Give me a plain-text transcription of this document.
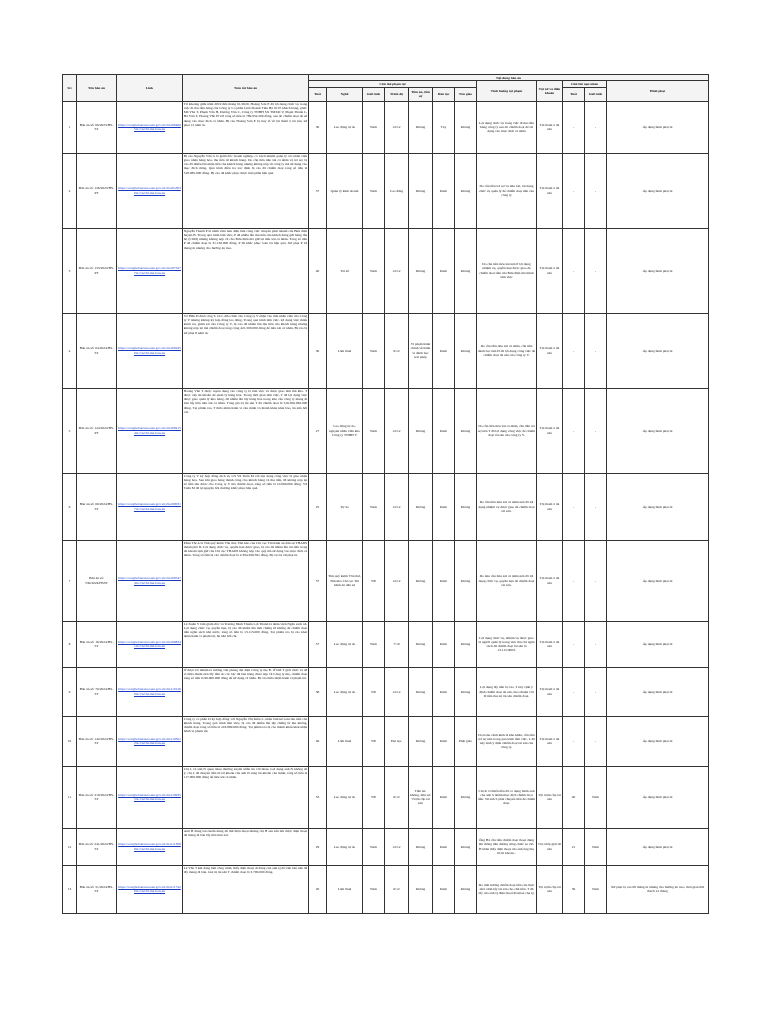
Stt	Tên bản án	Link	Tóm tắt bản án	Nội dung bản án											
				Chủ thể phạm tội							Tình huống tội phạm	Tội xử và điều khoản	Chủ thể nạn nhân		Hình phạt
				Tuổi	Nghề	Giới tính	Trình độ	Tiền án, tiền sự	Dân tộc	Tôn giáo			Tuổi	Giới tính	
1	Bản án số: 06/2023/HS-ST	https://congbobanan.toaan.gov.vn/2ta1064005t1cvn/chi-tiet-ban-an	Từ khoảng giữa năm 2019 đến tháng 01/2020, Hoàng Sơn E đã lợi dụng chức vụ trong việc đi thu tiền hàng của Công ty Cổ phần Liên Doanh Tiêu Hà từ 07 khách hàng, gồm: Mã Văn T, Phạm Văn H, Dương Văn C, Công ty TNHH SX TMXD V, Phạm Thành L, Hà Văn T, Hoàng Văn H với tổng số tiền là 789.952.200 đồng, sau đó chiếm đoạt để sử dụng vào mục đích cá nhân. Bị cáo Hoàng Sơn E bị truy tố về tội tham ô tài sản, xử phạt 15 năm tù.	30	Lao động tự do	Nam	12/12	Không	Tày	Không	Lợi dụng chức vụ trong việc đi thu tiền hàng công ty sau đó chiếm đoạt để sử dụng vào mục đích cá nhân	Tội tham ô tài sản	-	-	Áp dụng hình phạt tù
2	Bản án số: 126/2023/HS-PT	https://congbobanan.toaan.gov.vn/2ta10a3030t1cvn/chi-tiet-ban-an	Bị cáo Nguyễn Văn G là giám đốc doanh nghiệp, có trách nhiệm quản lý các nhân viên giao nhận hàng hóa, thu tiền từ khách hàng. Do cần tiền tiêu xài cá nhân và trả nợ, bị cáo đã nhiều lần nhận tiền của khách hàng nhưng không nộp về công ty mà sử dụng vào mục đích riêng. Quá trình điều tra xác định bị cáo đã chiếm đoạt tổng số tiền là 518.985.000 đồng. Bị cáo đã khắc phục được một phần hậu quả.	37	Quản lý kinh doanh	Nam	Cao đẳng	Không	Kinh	Không	Do cần tiền trả nợ và tiêu xài, lợi dụng chức vụ quản lý để chiếm đoạt tiền của công ty	Tội tham ô tài sản	-	-	Áp dụng hình phạt tù
3	Bản án số: 133/2024/HS-PT	https://congbobanan.toaan.gov.vn/2ta1073277t1cvn/chi-tiet-ban-an	Nguyễn Thanh P là nhân viên bưu điện làm công việc chuyển phát nhanh của Bưu điện huyện B. Trong quá trình làm việc, P đã nhiều lần thu tiền của khách hàng gửi hàng thu hộ (COD) nhưng không nộp về cho Bưu điện mà giữ lại tiêu xài cá nhân. Tổng số tiền P đã chiếm đoạt là 31.130.000 đồng. P đã khắc phục toàn bộ hậu quả. Xử phạt P 24 tháng tù nhưng cho hưởng án treo.	40	Tài xế	Nam	12/12	Không	Kinh	Không	Do cần tiền tiêu xài nên P lợi dụng nhiệm vụ, quyền hạn được giao để chiếm đoạt tiền của Bưu điện mà mình làm việc	Tội tham ô tài sản	-	-	Áp dụng hình phạt tù
4	Bản án số: 04/2024/HS-ST	https://congbobanan.toaan.gov.vn/2ta10b0450t1cvn/chi-tiet-ban-an	Võ Hữu Đ được ông T, bà L đứa chức cho Công ty V nhận vào làm nhân viên của Công ty V nhưng không ký hợp đồng lao động. Trong quá trình làm việc, lợi dụng việc thiếu kiểm tra, giám sát của Công ty V, bị cáo đã nhiều lần thu tiền của khách hàng nhưng không nộp lại mà chiếm đoạt tổng cộng 421.500.000 đồng để tiêu xài cá nhân. Bị cáo bị xử phạt 8 năm tù.	30	Làm thuê	Nam	9/12	Vi phạm hành chính về hành vi đánh bạc trái phép	Kinh	Không	Do cần tiền tiêu xài cá nhân, cần tiền đánh bạc nên Đ đã lợi dụng công việc để chiếm đoạt tài sản của công ty V.	Tội tham ô tài sản	-	-	Áp dụng hình phạt tù
5	Bản án số: 124/2024/HS-PT	https://congbobanan.toaan.gov.vn/2ta1082154t1cvn/chi-tiet-ban-an	Hoàng Văn T được tuyển dụng vào công ty là làm việc và được giao làm thủ kho. T được cấp tài khoản để quản lý hàng hóa. Trong thời gian làm việc, T đã lợi dụng việc được giao quản lý kho hàng, đã nhiều lần lấy hàng hóa trong kho của công ty mang đi bán lấy tiền tiêu xài cá nhân. Tổng giá trị tài sản T đã chiếm đoạt là 316.056.062.000 đồng. Tại phiên tòa, T thừa nhận hành vi của mình và thành khẩn khai báo, ăn năn hối cải.	27	Lao động tự do, nguyên nhân viên kho Công ty TNHH V	Nam	12/12	Không	Kinh	Không	Do cần tiền tiêu xài cá nhân, cần tiền trả nợ nên T đã lợi dụng công việc để chiếm đoạt tài sản của công ty V.	Tội tham ô tài sản	-	-	Áp dụng hình phạt tù
6	Bản án số: 60/2024/HS-ST	https://congbobanan.toaan.gov.vn/2ta1090317t1cvn/chi-tiet-ban-an	Công ty V ký hợp đồng dịch vụ với Vũ Tuấn M với nội dung công việc là giao nhận hàng hóa. Sau khi giao hàng thành công cho khách hàng và thu tiền, M không nộp lại số tiền thu được cho Công ty V mà chiếm đoạt, tổng số tiền là 10.060.000 đồng. Vũ Tuấn M đã tự nguyện bồi thường khắc phục hậu quả.	25	Tự do	Nam	12/12	Không	Kinh	Không	Do cần tiền tiêu xài cá nhân nên đã lợi dụng nhiệm vụ được giao để chiếm đoạt tài sản.	Tội tham ô tài sản	-	-	Áp dụng hình phạt tù
7	Bản án số: 530/2024/HSST	https://congbobanan.toaan.gov.vn/2ta1095474t1cvn/chi-tiet-ban-an	Phan Thị A là Thủ quỹ kiêm Văn thư, Thủ kho của Chi cục Thi hành án dân sự THADS thành phố D. Lợi dụng chức vụ, quyền hạn được giao, bị cáo đã nhiều lần rút tiền trong tài khoản tạm giữ của Chi cục THADS không nộp vào quỹ mà sử dụng vào mục đích cá nhân. Tổng số tiền bị cáo chiếm đoạt là 2.394.299.591 đồng. Bị cáo bị xử phạt tù.	37	Thủ quỹ kiêm Văn thư, Thủ kho Chi cục Thi hành án dân sự	Nữ	12/12	Không	Kinh	Không	Do nhu cầu tiêu xài cá nhân nên đã lợi dụng chức vụ, quyền hạn để chiếm đoạt tài sản.	Tội tham ô tài sản	-	-	Áp dụng hình phạt tù
8	Bản án số: 16/2024/HS-ST	https://congbobanan.toaan.gov.vn/2ta1098341t1cvn/chi-tiet-ban-an	Lê Xuân V làm giám đốc và Trương Đình Thuần Lợi Thành là nhân viên Ngân sách xã. Lợi dụng chức vụ, quyền hạn, bị cáo đã nhiều lần làm chứng từ khống để chiếm đoạt tiền ngân sách nhà nước, tổng số tiền là 13.115.000 đồng. Tại phiên tòa bị cáo khai nhận hành vi phạm tội, ăn năn hối cải.	57	Lao động tự do	Nam	7/10	Không	Kinh	Không	Lợi dụng chức vụ, nhiệm vụ được giao là người quản lý trong việc thu chi ngân sách đã chiếm đoạt tài sản là 13.115.000đ.	Tội tham ô tài sản	-	-	Áp dụng hình phạt tù
9	Bản án số: 76/2024/HS-ST	https://congbobanan.toaan.gov.vn/2ta1101260t1cvn/chi-tiet-ban-an	Ở được bố nhiệm là trưởng văn phòng đại diện Công ty mẹ B. Ở biết T giới chức và đã vi thừa thuận nên lấy tiền do các bác đã bán hàng chưa nộp về Công ty mẹ, chiếm đoạt tổng số tiền là 96.000.000 đồng để sử dụng cá nhân. Bị cáo thừa nhận hành vi phạm tội.	38	Lao động tự do	Nữ	12/12	Không	Kinh	Không	Lợi dụng lấy tiền bị cáo, T này vịnh ý định chiếm đoạt tài sản, theo thuận với D tiền thu nộ tài sản chiếm đoạt.	Tội tham ô tài sản	-	-	Áp dụng hình phạt tù
10	Bản án số: 142/2024/HS-ST	https://congbobanan.toaan.gov.vn/2ta1105012t1cvn/chi-tiet-ban-an	Công ty cổ phần D ký hợp đồng với Nguyễn Thị Kiều L, nhận làm kế toán thu tiền của khách hàng. Trong quá trình làm việc, bị cáo đã nhiều lần lập chứng từ thu khống, chiếm đoạt tổng số tiền là 216.809.600 đồng. Tại phiên tòa bị cáo thành khẩn khai nhận hành vi phạm tội.	46	Làm thuê	Nữ	Đại học	Không	Kinh	Phật giáo	Do hoàn cảnh kinh tế khó khăn, cần tiền trả nợ nên trong quá trình làm việc, L đã nảy sinh ý định chiếm đoạt tài sản của công ty.	Tội tham ô tài sản	-	-	Áp dụng hình phạt tù
11	Bản án số: 219/2024/HS-ST	https://congbobanan.toaan.gov.vn/2ta1109355t1cvn/chi-tiet-ban-an	Chị L và anh N quen nhau thường xuyên nhắn tin với nhau. Lợi dụng anh N không để ý, chị L đã chuyển tiền từ tài khoản của anh N sang tài khoản của mình, tổng số tiền là 117.000.000 đồng để tiêu xài cá nhân.	33	Lao động tự do	Nữ	6/12	Tiền án: không, tiền sự: 'Trộm cắp tài sản'	Kinh	Không	Chị K vì thiếu tiền đã có dụng hành anh của anh S nhằm mục đích chiếm đoạt tiền. Sử anh S phát chuyển tiền để chiếm đoạt.	Tội trộm cắp tài sản	40	Nam	Áp dụng hình phạt tù
12	Bản án số: 241/2024/HS-ST	https://congbobanan.toaan.gov.vn/2ta1113089t1cvn/chi-tiet-ban-an	Anh H dùng bảo hiểm dùng để thử điện thoại nhưng chị H sau khi lừa được điện thoại đã mang đi bán lấy tiền tiêu xài.	29	Lao động tự do	Nam	12/12	Không	Kinh	Không	Ông Hà cần tiền chiếm đoạt thoại dùng lừa thông tiền đường cùng chiếc xe ôtô. H nhân thấy điện thoại của anh ông thụ từ tài khoản...	Tội cướp giật tài sản	21	Nam	Áp dụng hình phạt tù
13	Bản án số: 51/2024/HS-ST	https://congbobanan.toaan.gov.vn/2ta1117420t1cvn/chi-tiet-ban-an	Lê Văn T khi đang làm công trình, thấy điện thoại di động của anh Q để trên bàn nên đã lấy mang đi bán. Giá trị tài sản T chiếm đoạt là 3.700.000 đồng.	20	Làm thuê	Nam	6/12	Không	Kinh	Không	Do tính hướng chiếm đoạt tiền của thực nhờ cảnh lấy tài sản cho chủ tiền. T đã lấy của anh Q điện thoại Promax của Q.	Tội trộm cắp tài sản	39	Nam	Xử phạt bị cáo 06 tháng tù nhưng cho hưởng án treo, thời gian thử thách 12 tháng
